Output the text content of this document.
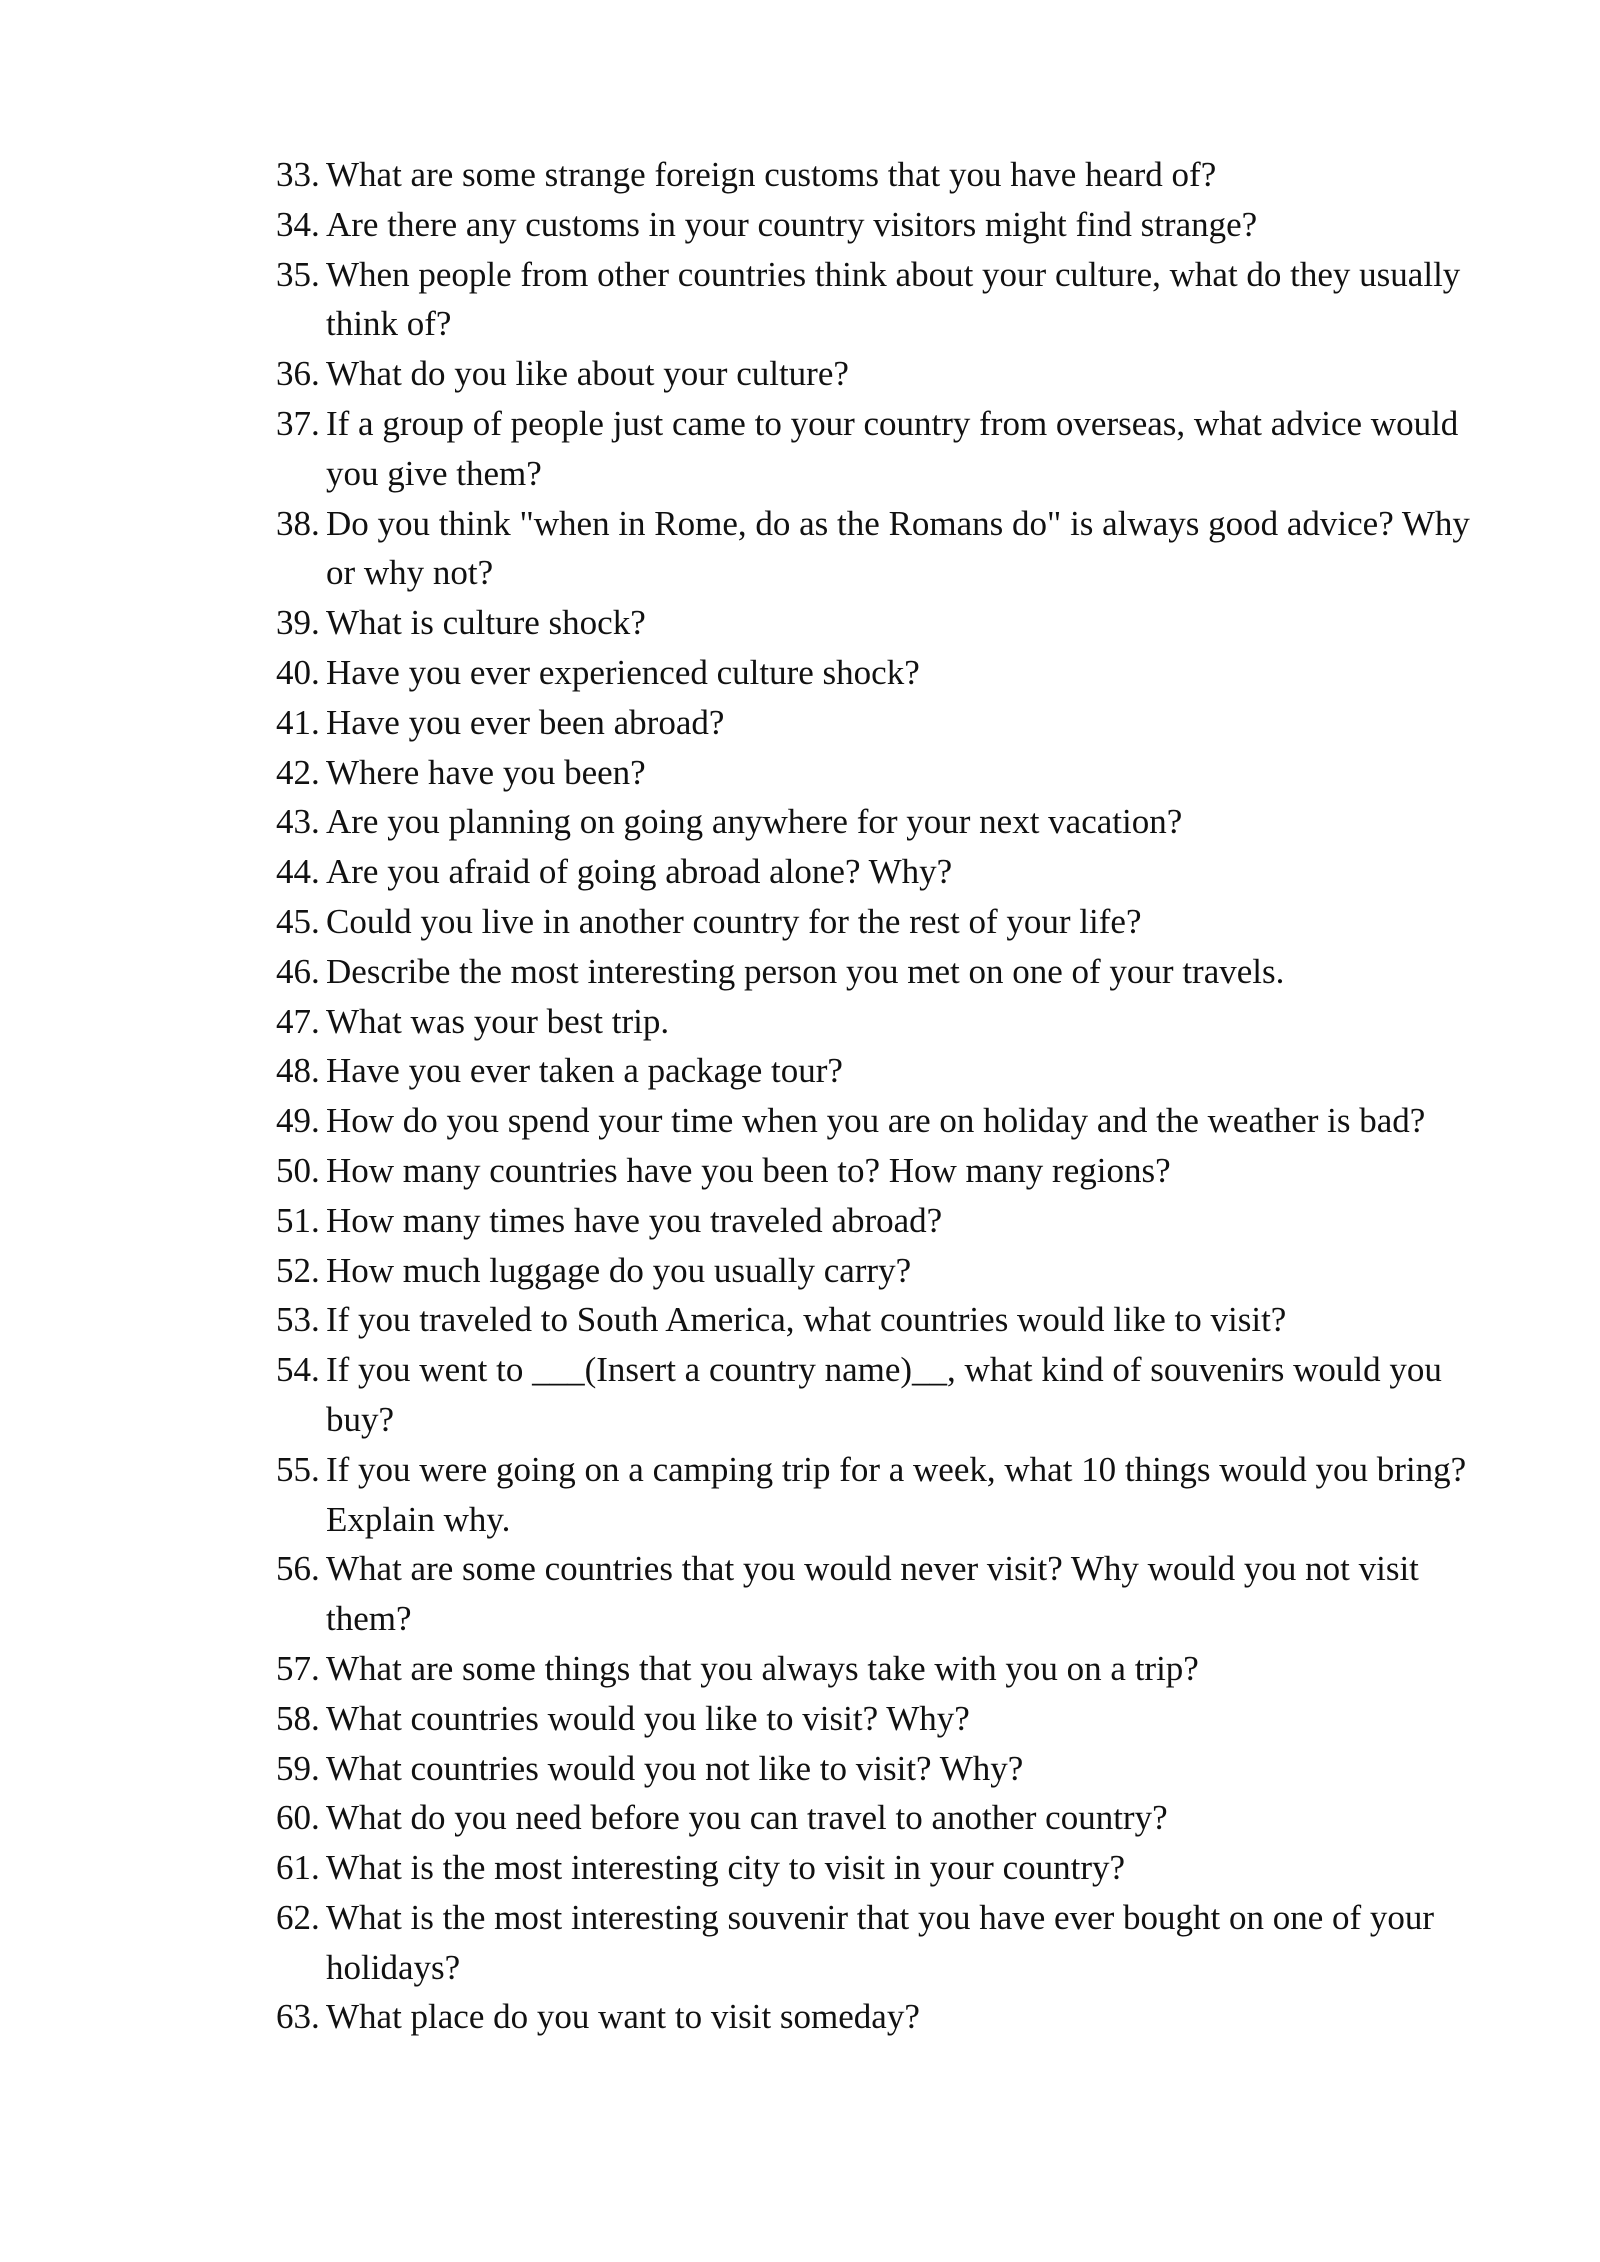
33. What are some strange foreign customs that you have heard of?
34. Are there any customs in your country visitors might find strange?
35. When people from other countries think about your culture, what do they usually think of?
36. What do you like about your culture?
37. If a group of people just came to your country from overseas, what advice would you give them?
38. Do you think "when in Rome, do as the Romans do" is always good advice? Why or why not?
39. What is culture shock?
40. Have you ever experienced culture shock?
41. Have you ever been abroad?
42. Where have you been?
43. Are you planning on going anywhere for your next vacation?
44. Are you afraid of going abroad alone? Why?
45. Could you live in another country for the rest of your life?
46. Describe the most interesting person you met on one of your travels.
47. What was your best trip.
48. Have you ever taken a package tour?
49. How do you spend your time when you are on holiday and the weather is bad?
50. How many countries have you been to? How many regions?
51. How many times have you traveled abroad?
52. How much luggage do you usually carry?
53. If you traveled to South America, what countries would like to visit?
54. If you went to ___(Insert a country name)__, what kind of souvenirs would you buy?
55. If you were going on a camping trip for a week, what 10 things would you bring? Explain why.
56. What are some countries that you would never visit? Why would you not visit them?
57. What are some things that you always take with you on a trip?
58. What countries would you like to visit? Why?
59. What countries would you not like to visit? Why?
60. What do you need before you can travel to another country?
61. What is the most interesting city to visit in your country?
62. What is the most interesting souvenir that you have ever bought on one of your holidays?
63. What place do you want to visit someday?
